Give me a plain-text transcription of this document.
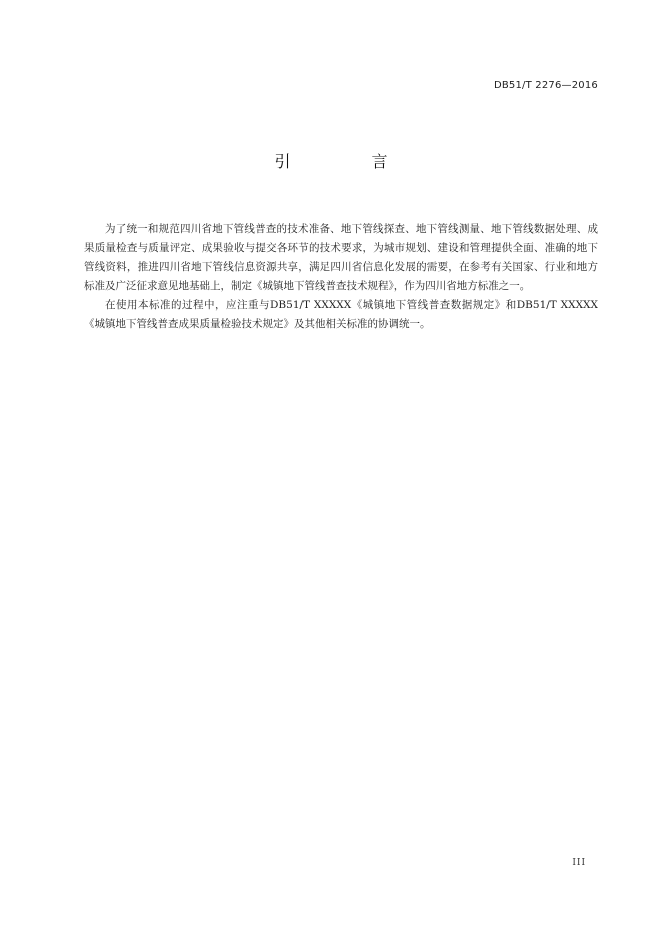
DB51/T 2276—2016
引 言

为了统一和规范四川省地下管线普查的技术准备、地下管线探查、地下管线测量、地下管线数据处理、成果质量检查与质量评定、成果验收与提交各环节的技术要求，为城市规划、建设和管理提供全面、准确的地下管线资料，推进四川省地下管线信息资源共享，满足四川省信息化发展的需要，在参考有关国家、行业和地方标准及广泛征求意见地基础上，制定《城镇地下管线普查技术规程》，作为四川省地方标准之一。

在使用本标准的过程中，应注重与DB51/T XXXXX《城镇地下管线普查数据规定》和DB51/T XXXXX《城镇地下管线普查成果质量检验技术规定》及其他相关标准的协调统一。

III
